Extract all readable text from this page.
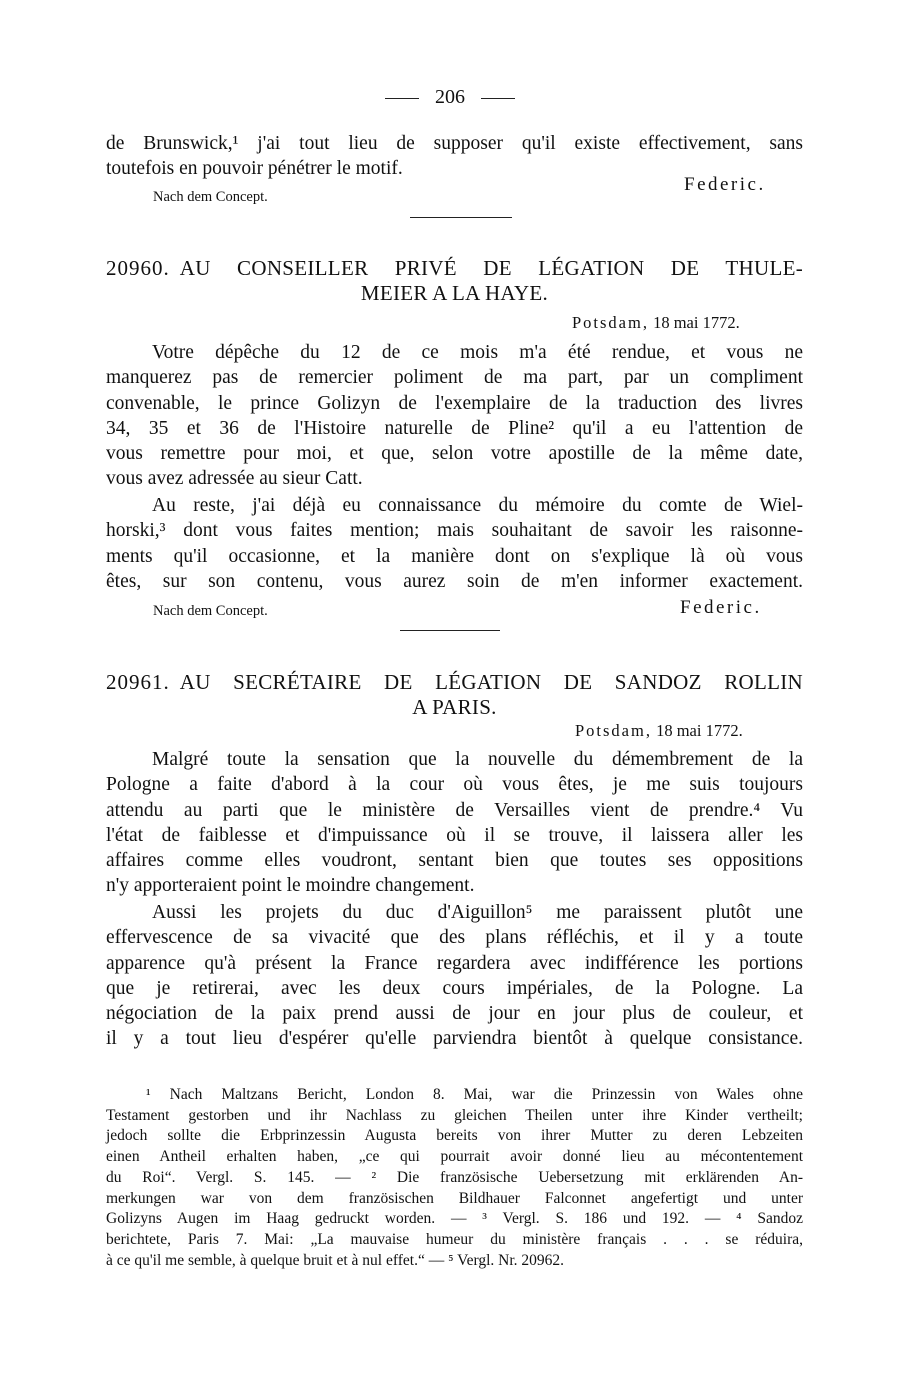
206
de Brunswick,¹ j'ai tout lieu de supposer qu'il existe effectivement, sans
toutefois en pouvoir pénétrer le motif.
Federic.
Nach dem Concept.
20960. AU CONSEILLER PRIVÉ DE LÉGATION DE THULE-
MEIER A LA HAYE.
Potsdam, 18 mai 1772.
Votre dépêche du 12 de ce mois m'a été rendue, et vous ne
manquerez pas de remercier poliment de ma part, par un compliment
convenable, le prince Golizyn de l'exemplaire de la traduction des livres
34, 35 et 36 de l'Histoire naturelle de Pline² qu'il a eu l'attention de
vous remettre pour moi, et que, selon votre apostille de la même date,
vous avez adressée au sieur Catt.
Au reste, j'ai déjà eu connaissance du mémoire du comte de Wiel-
horski,³ dont vous faites mention; mais souhaitant de savoir les raisonne-
ments qu'il occasionne, et la manière dont on s'explique là où vous
êtes, sur son contenu, vous aurez soin de m'en informer exactement.
Nach dem Concept.	Federic.
20961. AU SECRÉTAIRE DE LÉGATION DE SANDOZ ROLLIN
A PARIS.
Potsdam, 18 mai 1772.
Malgré toute la sensation que la nouvelle du démembrement de la
Pologne a faite d'abord à la cour où vous êtes, je me suis toujours
attendu au parti que le ministère de Versailles vient de prendre.⁴ Vu
l'état de faiblesse et d'impuissance où il se trouve, il laissera aller les
affaires comme elles voudront, sentant bien que toutes ses oppositions
n'y apporteraient point le moindre changement.
Aussi les projets du duc d'Aiguillon⁵ me paraissent plutôt une
effervescence de sa vivacité que des plans réfléchis, et il y a toute
apparence qu'à présent la France regardera avec indifférence les portions
que je retirerai, avec les deux cours impériales, de la Pologne. La
négociation de la paix prend aussi de jour en jour plus de couleur, et
il y a tout lieu d'espérer qu'elle parviendra bientôt à quelque consistance.
¹ Nach Maltzans Bericht, London 8. Mai, war die Prinzessin von Wales ohne
Testament gestorben und ihr Nachlass zu gleichen Theilen unter ihre Kinder vertheilt;
jedoch sollte die Erbprinzessin Augusta bereits von ihrer Mutter zu deren Lebzeiten
einen Antheil erhalten haben, „ce qui pourrait avoir donné lieu au mécontentement
du Roi“. Vergl. S. 145. — ² Die französische Uebersetzung mit erklärenden An-
merkungen war von dem französischen Bildhauer Falconnet angefertigt und unter
Golizyns Augen im Haag gedruckt worden. — ³ Vergl. S. 186 und 192. — ⁴ Sandoz
berichtete, Paris 7. Mai: „La mauvaise humeur du ministère français . . . se réduira,
à ce qu'il me semble, à quelque bruit et à nul effet.“ — ⁵ Vergl. Nr. 20962.
